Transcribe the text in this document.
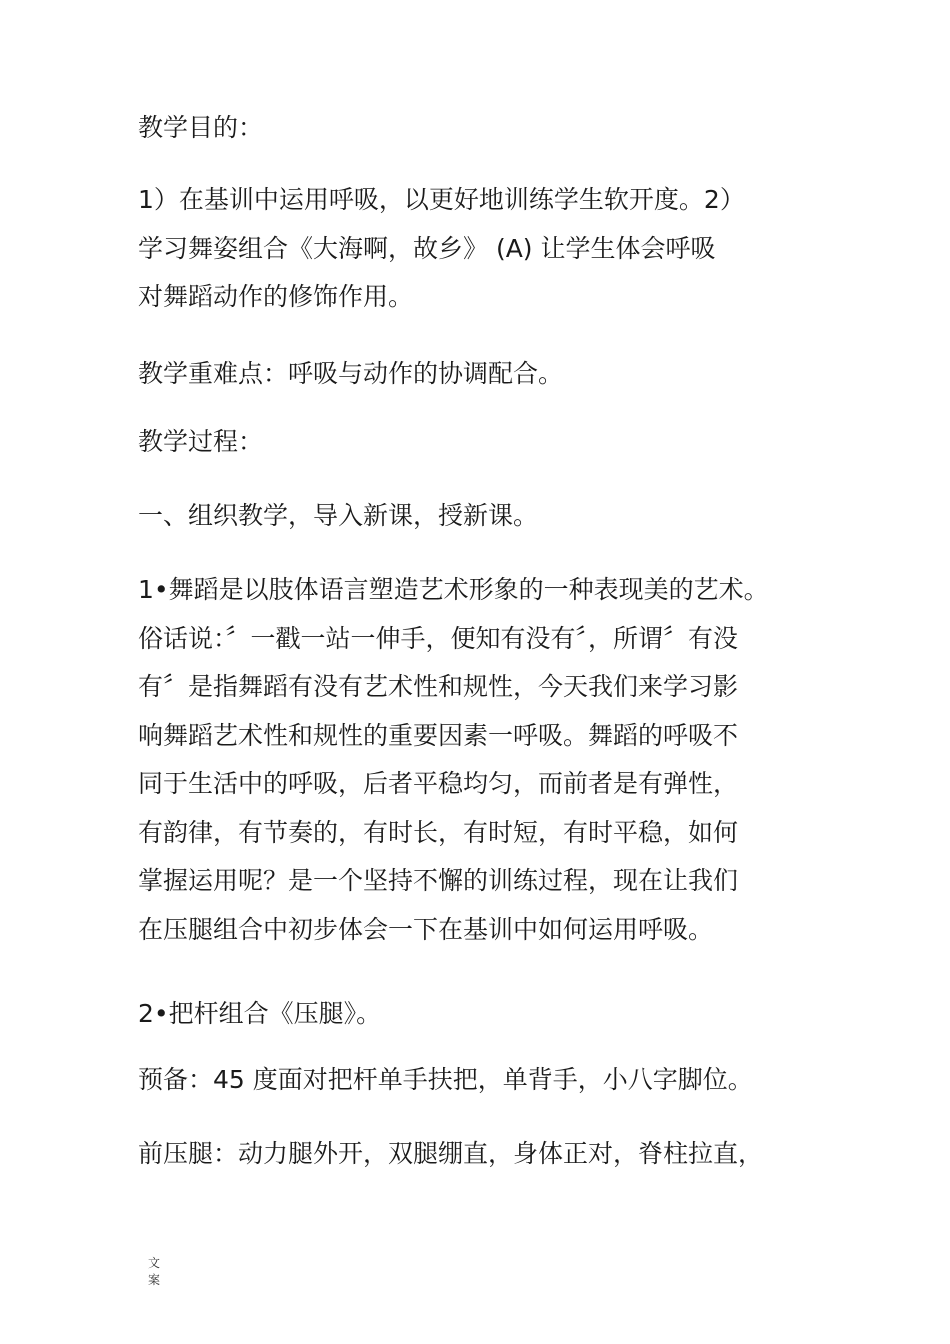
教学目的：

1）在基训中运用呼吸，以更好地训练学生软开度。2）
学习舞姿组合《大海啊，故乡》 (A) 让学生体会呼吸
对舞蹈动作的修饰作用。

教学重难点：呼吸与动作的协调配合。

教学过程：

一、组织教学，导入新课，授新课。

1•舞蹈是以肢体语言塑造艺术形象的一种表现美的艺术。
俗话说：〞一戳一站一伸手，便知有没有〞，所谓〞有没
有〞是指舞蹈有没有艺术性和规性，今天我们来学习影
响舞蹈艺术性和规性的重要因素一呼吸。舞蹈的呼吸不
同于生活中的呼吸，后者平稳均匀，而前者是有弹性，
有韵律，有节奏的，有时长，有时短，有时平稳，如何
掌握运用呢？是一个坚持不懈的训练过程，现在让我们
在压腿组合中初步体会一下在基训中如何运用呼吸。

2•把杆组合《压腿》。

预备：45 度面对把杆单手扶把，单背手，小八字脚位。

前压腿：动力腿外开，双腿绷直，身体正对，脊柱拉直，

文
案
